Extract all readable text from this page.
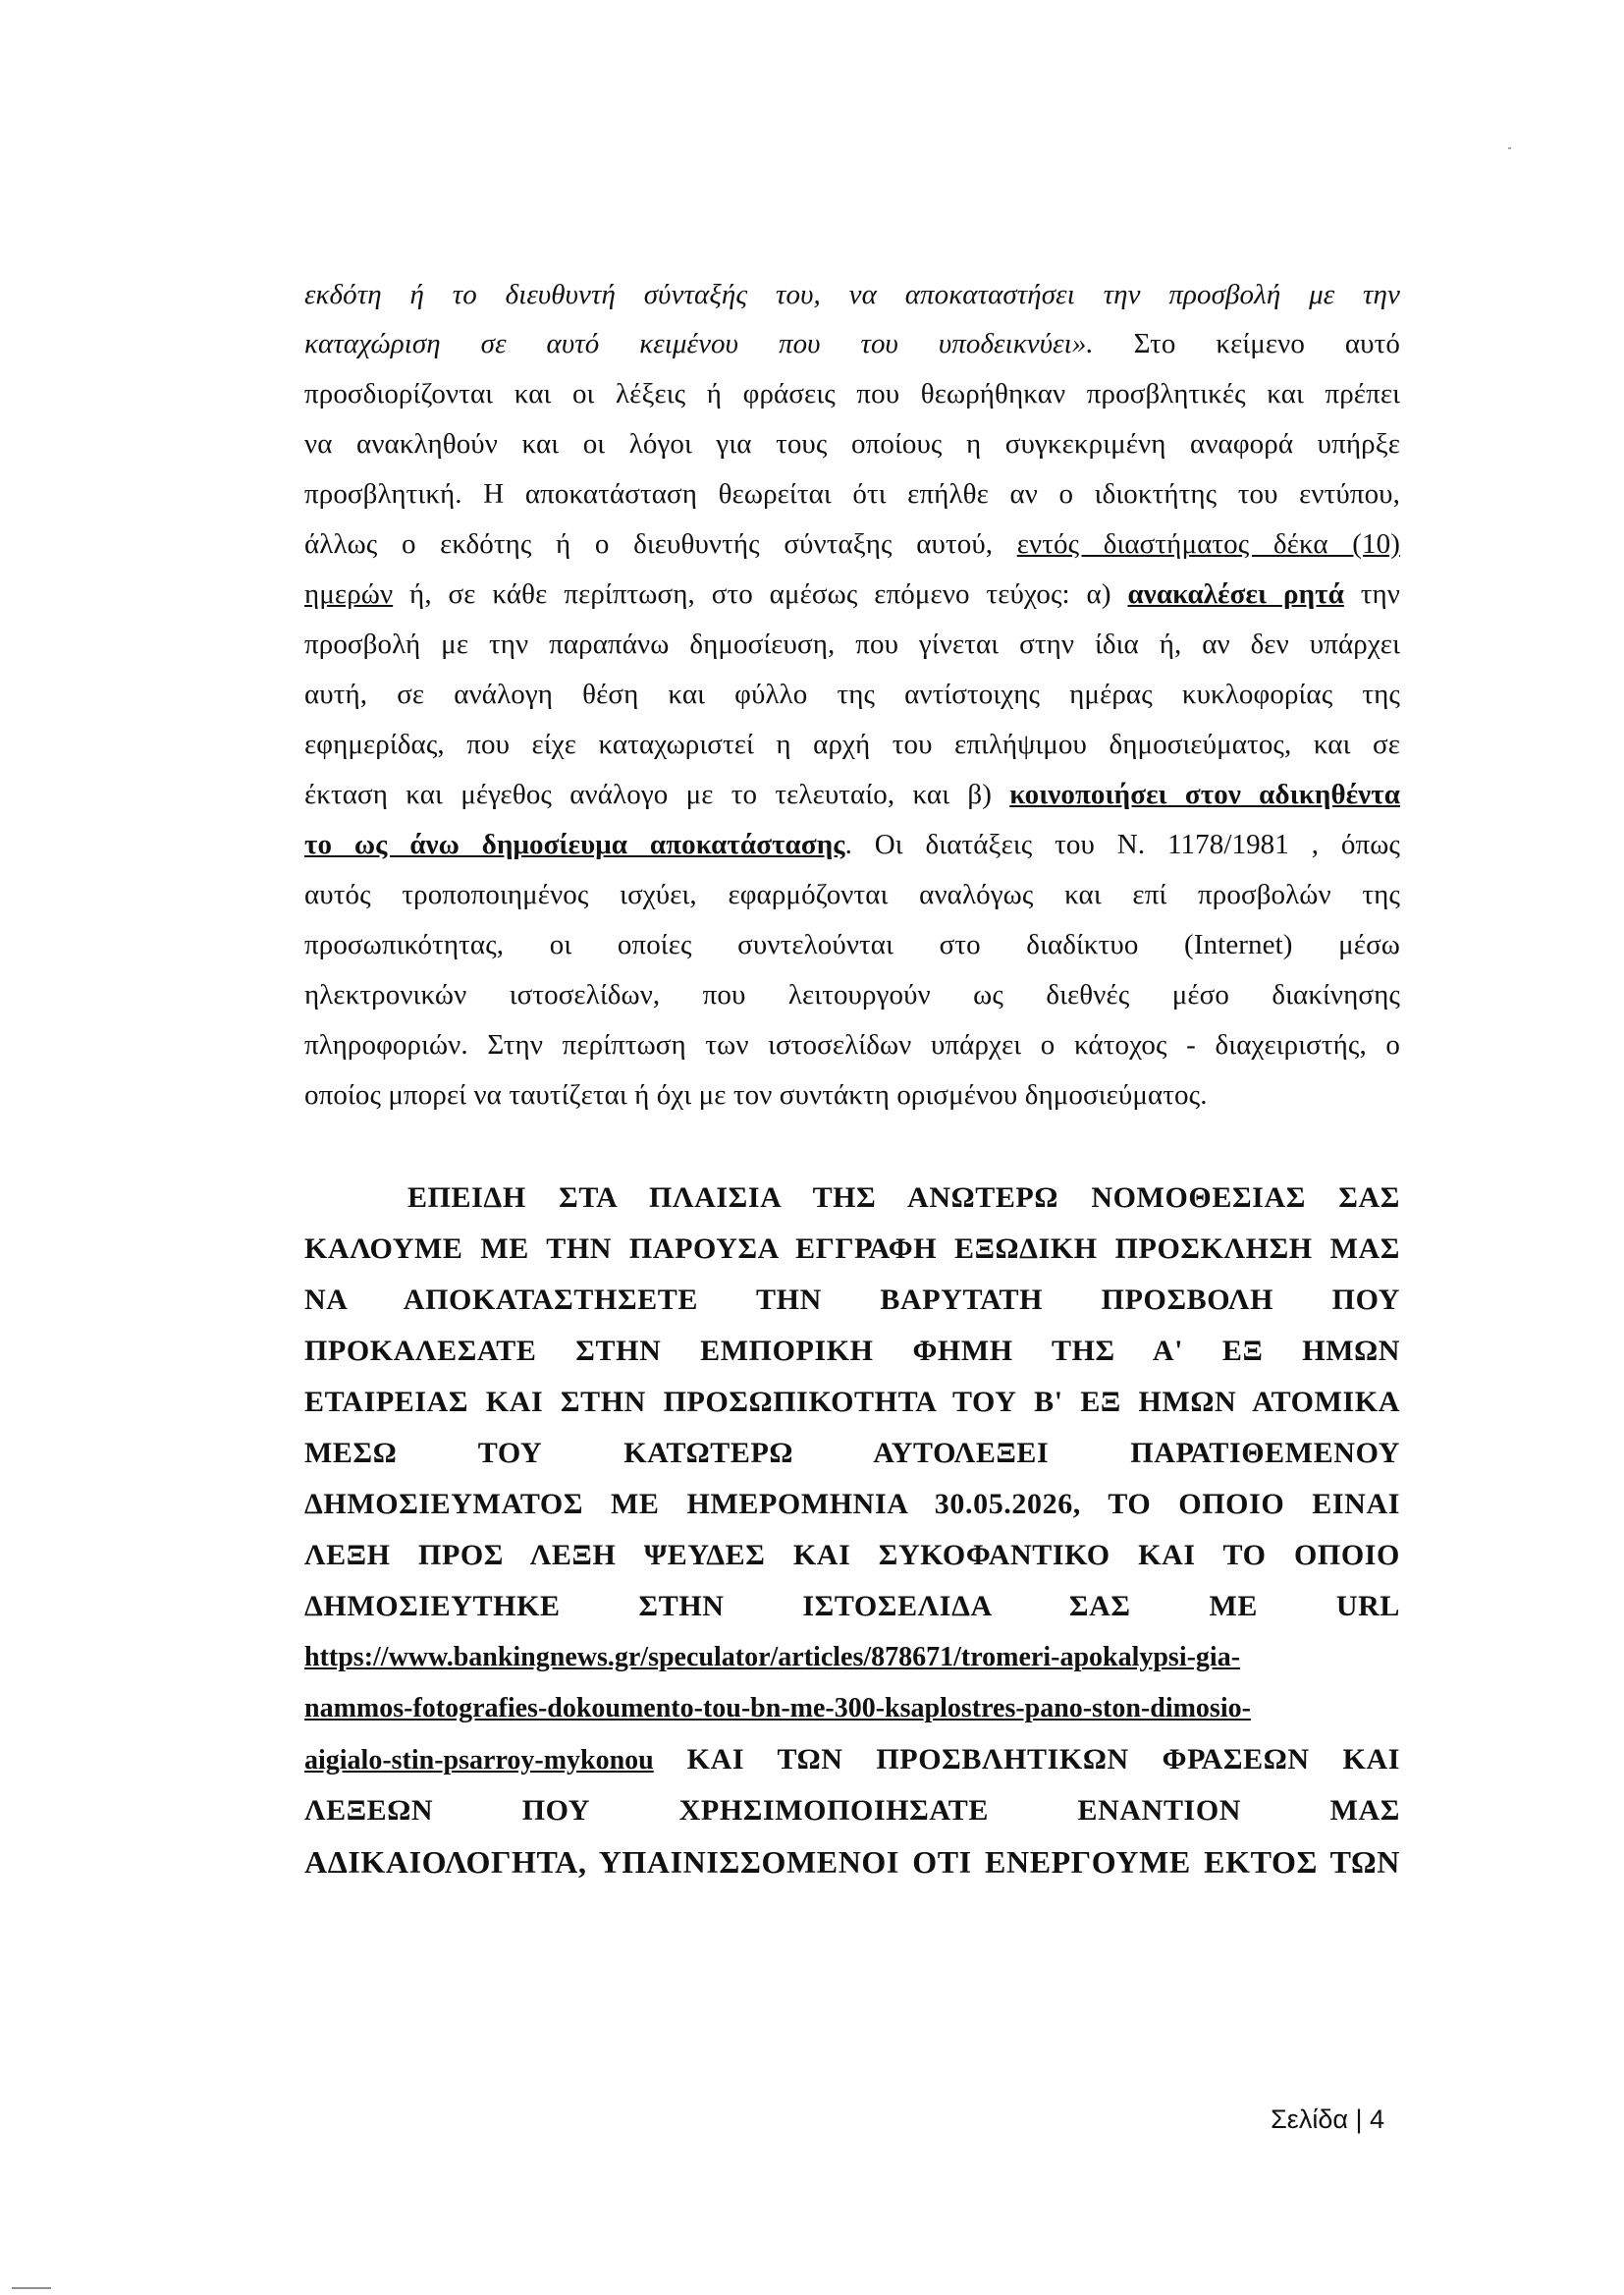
εκδότη ή το διευθυντή σύνταξής του, να αποκαταστήσει την προσβολή με την
καταχώριση σε αυτό κειμένου που του υποδεικνύει». Στο κείμενο αυτό
προσδιορίζονται και οι λέξεις ή φράσεις που θεωρήθηκαν προσβλητικές και πρέπει
να ανακληθούν και οι λόγοι για τους οποίους η συγκεκριμένη αναφορά υπήρξε
προσβλητική. Η αποκατάσταση θεωρείται ότι επήλθε αν ο ιδιοκτήτης του εντύπου,
άλλως ο εκδότης ή ο διευθυντής σύνταξης αυτού, εντός διαστήματος δέκα (10)
ημερών ή, σε κάθε περίπτωση, στο αμέσως επόμενο τεύχος: α) ανακαλέσει ρητά την
προσβολή με την παραπάνω δημοσίευση, που γίνεται στην ίδια ή, αν δεν υπάρχει
αυτή, σε ανάλογη θέση και φύλλο της αντίστοιχης ημέρας κυκλοφορίας της
εφημερίδας, που είχε καταχωριστεί η αρχή του επιλήψιμου δημοσιεύματος, και σε
έκταση και μέγεθος ανάλογο με το τελευταίο, και β) κοινοποιήσει στον αδικηθέντα
το ως άνω δημοσίευμα αποκατάστασης. Οι διατάξεις του Ν. 1178/1981 , όπως
αυτός τροποποιημένος ισχύει, εφαρμόζονται αναλόγως και επί προσβολών της
προσωπικότητας, οι οποίες συντελούνται στο διαδίκτυο (Internet) μέσω
ηλεκτρονικών ιστοσελίδων, που λειτουργούν ως διεθνές μέσο διακίνησης
πληροφοριών. Στην περίπτωση των ιστοσελίδων υπάρχει ο κάτοχος - διαχειριστής, ο
οποίος μπορεί να ταυτίζεται ή όχι με τον συντάκτη ορισμένου δημοσιεύματος.
ΕΠΕΙΔΗ ΣΤΑ ΠΛΑΙΣΙΑ ΤΗΣ ΑΝΩΤΕΡΩ ΝΟΜΟΘΕΣΙΑΣ ΣΑΣ
ΚΑΛΟΥΜΕ ΜΕ ΤΗΝ ΠΑΡΟΥΣΑ ΕΓΓΡΑΦΗ ΕΞΩΔΙΚΗ ΠΡΟΣΚΛΗΣΗ ΜΑΣ
ΝΑ ΑΠΟΚΑΤΑΣΤΗΣΕΤΕ ΤΗΝ ΒΑΡΥΤΑΤΗ ΠΡΟΣΒΟΛΗ ΠΟΥ
ΠΡΟΚΑΛΕΣΑΤΕ ΣΤΗΝ ΕΜΠΟΡΙΚΗ ΦΗΜΗ ΤΗΣ Α' ΕΞ ΗΜΩΝ
ΕΤΑΙΡΕΙΑΣ ΚΑΙ ΣΤΗΝ ΠΡΟΣΩΠΙΚΟΤΗΤΑ ΤΟΥ Β' ΕΞ ΗΜΩΝ ΑΤΟΜΙΚΑ
ΜΕΣΩ ΤΟΥ ΚΑΤΩΤΕΡΩ ΑΥΤΟΛΕΞΕΙ ΠΑΡΑΤΙΘΕΜΕΝΟΥ
ΔΗΜΟΣΙΕΥΜΑΤΟΣ ΜΕ ΗΜΕΡΟΜΗΝΙΑ 30.05.2026, ΤΟ ΟΠΟΙΟ ΕΙΝΑΙ
ΛΕΞΗ ΠΡΟΣ ΛΕΞΗ ΨΕΥΔΕΣ ΚΑΙ ΣΥΚΟΦΑΝΤΙΚΟ ΚΑΙ ΤΟ ΟΠΟΙΟ
ΔΗΜΟΣΙΕΥΤΗΚΕ ΣΤΗΝ ΙΣΤΟΣΕΛΙΔΑ ΣΑΣ ΜΕ URL
https://www.bankingnews.gr/speculator/articles/878671/tromeri-apokalypsi-gia-
nammos-fotografies-dokoumento-tou-bn-me-300-ksaplostres-pano-ston-dimosio-
aigialo-stin-psarroy-mykonou ΚΑΙ ΤΩΝ ΠΡΟΣΒΛΗΤΙΚΩΝ ΦΡΑΣΕΩΝ ΚΑΙ
ΛΕΞΕΩΝ ΠΟΥ ΧΡΗΣΙΜΟΠΟΙΗΣΑΤΕ ΕΝΑΝΤΙΟΝ ΜΑΣ
ΑΔΙΚΑΙΟΛΟΓΗΤΑ, ΥΠΑΙΝΙΣΣΟΜΕΝΟΙ ΟΤΙ ΕΝΕΡΓΟΥΜΕ ΕΚΤΟΣ ΤΩΝ
Σελίδα | 4
